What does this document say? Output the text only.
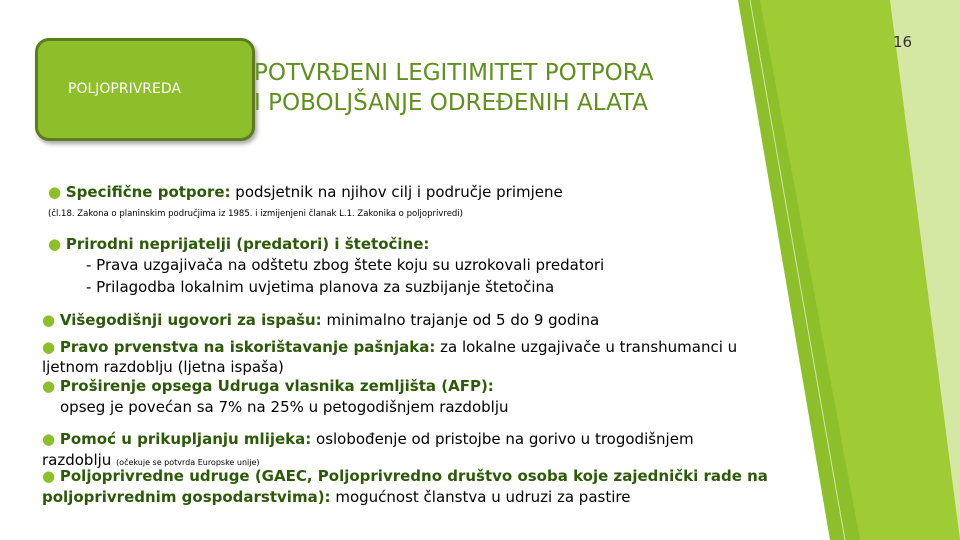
16
POLJOPRIVREDA
POTVRĐENI LEGITIMITET POTPORA
I POBOLJŠANJE ODREĐENIH ALATA
● Specifične potpore: podsjetnik na njihov cilj i područje primjene
(čl.18. Zakona o planinskim područjima iz 1985. i izmijenjeni članak L.1. Zakonika o poljoprivredi)
● Prirodni neprijatelji (predatori) i štetočine:
- Prava uzgajivača na odštetu zbog štete koju su uzrokovali predatori
- Prilagodba lokalnim uvjetima planova za suzbijanje štetočina
● Višegodišnji ugovori za ispašu: minimalno trajanje od 5 do 9 godina
● Pravo prvenstva na iskorištavanje pašnjaka: za lokalne uzgajivače u transhumanci u
ljetnom razdoblju (ljetna ispaša)
● Proširenje opsega Udruga vlasnika zemljišta (AFP):
opseg je povećan sa 7% na 25% u petogodišnjem razdoblju
● Pomoć u prikupljanju mlijeka: oslobođenje od pristojbe na gorivo u trogodišnjem
razdoblju (očekuje se potvrda Europske unije)
● Poljoprivredne udruge (GAEC, Poljoprivredno društvo osoba koje zajednički rade na
poljoprivrednim gospodarstvima): mogućnost članstva u udruzi za pastire
